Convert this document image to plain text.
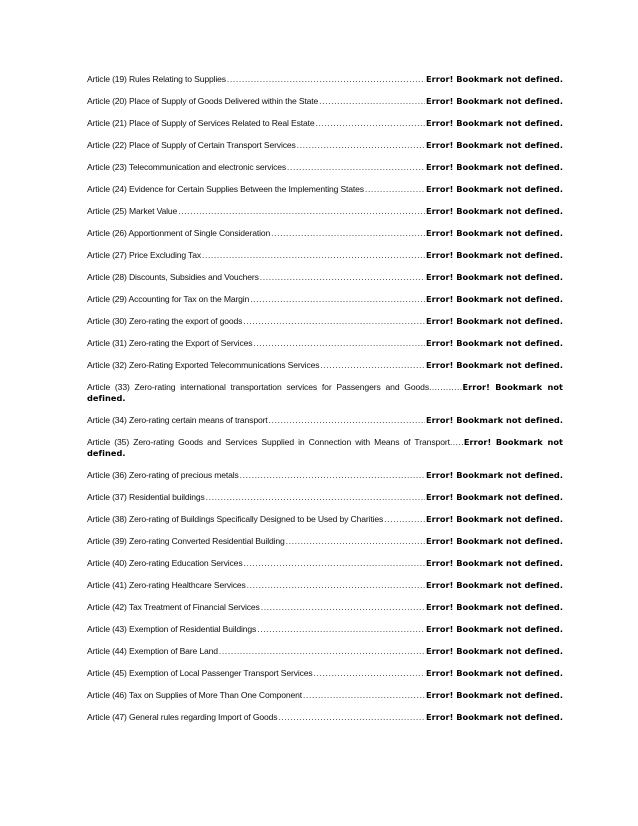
Article (19) Rules Relating to Supplies .....	Error! Bookmark not defined.
Article (20) Place of Supply of Goods Delivered within the State .....	Error! Bookmark not defined.
Article (21) Place of Supply of Services Related to Real Estate .....	Error! Bookmark not defined.
Article (22) Place of Supply of Certain Transport Services .....	Error! Bookmark not defined.
Article (23) Telecommunication and electronic services .....	Error! Bookmark not defined.
Article (24) Evidence for Certain Supplies Between the Implementing States .....	Error! Bookmark not defined.
Article (25) Market Value .....	Error! Bookmark not defined.
Article (26) Apportionment of Single Consideration .....	Error! Bookmark not defined.
Article (27) Price Excluding Tax .....	Error! Bookmark not defined.
Article (28) Discounts, Subsidies and Vouchers .....	Error! Bookmark not defined.
Article (29) Accounting for Tax on the Margin .....	Error! Bookmark not defined.
Article (30) Zero-rating the export of goods .....	Error! Bookmark not defined.
Article (31) Zero-rating the Export of Services .....	Error! Bookmark not defined.
Article (32) Zero-Rating Exported Telecommunications Services .....	Error! Bookmark not defined.
Article (33) Zero-rating international transportation services for Passengers and Goods............Error! Bookmark not defined.
Article (34) Zero-rating certain means of transport .....	Error! Bookmark not defined.
Article (35) Zero-rating Goods and Services Supplied in Connection with Means of Transport.....Error! Bookmark not defined.
Article (36) Zero-rating of precious metals .....	Error! Bookmark not defined.
Article (37) Residential buildings .....	Error! Bookmark not defined.
Article (38) Zero-rating of Buildings Specifically Designed to be Used by Charities .....	Error! Bookmark not defined.
Article (39) Zero-rating Converted Residential Building .....	Error! Bookmark not defined.
Article (40) Zero-rating Education Services .....	Error! Bookmark not defined.
Article (41) Zero-rating Healthcare Services .....	Error! Bookmark not defined.
Article (42) Tax Treatment of Financial Services .....	Error! Bookmark not defined.
Article (43) Exemption of Residential Buildings .....	Error! Bookmark not defined.
Article (44) Exemption of Bare Land .....	Error! Bookmark not defined.
Article (45) Exemption of Local Passenger Transport Services .....	Error! Bookmark not defined.
Article (46) Tax on Supplies of More Than One Component .....	Error! Bookmark not defined.
Article (47) General rules regarding Import of Goods .....	Error! Bookmark not defined.
